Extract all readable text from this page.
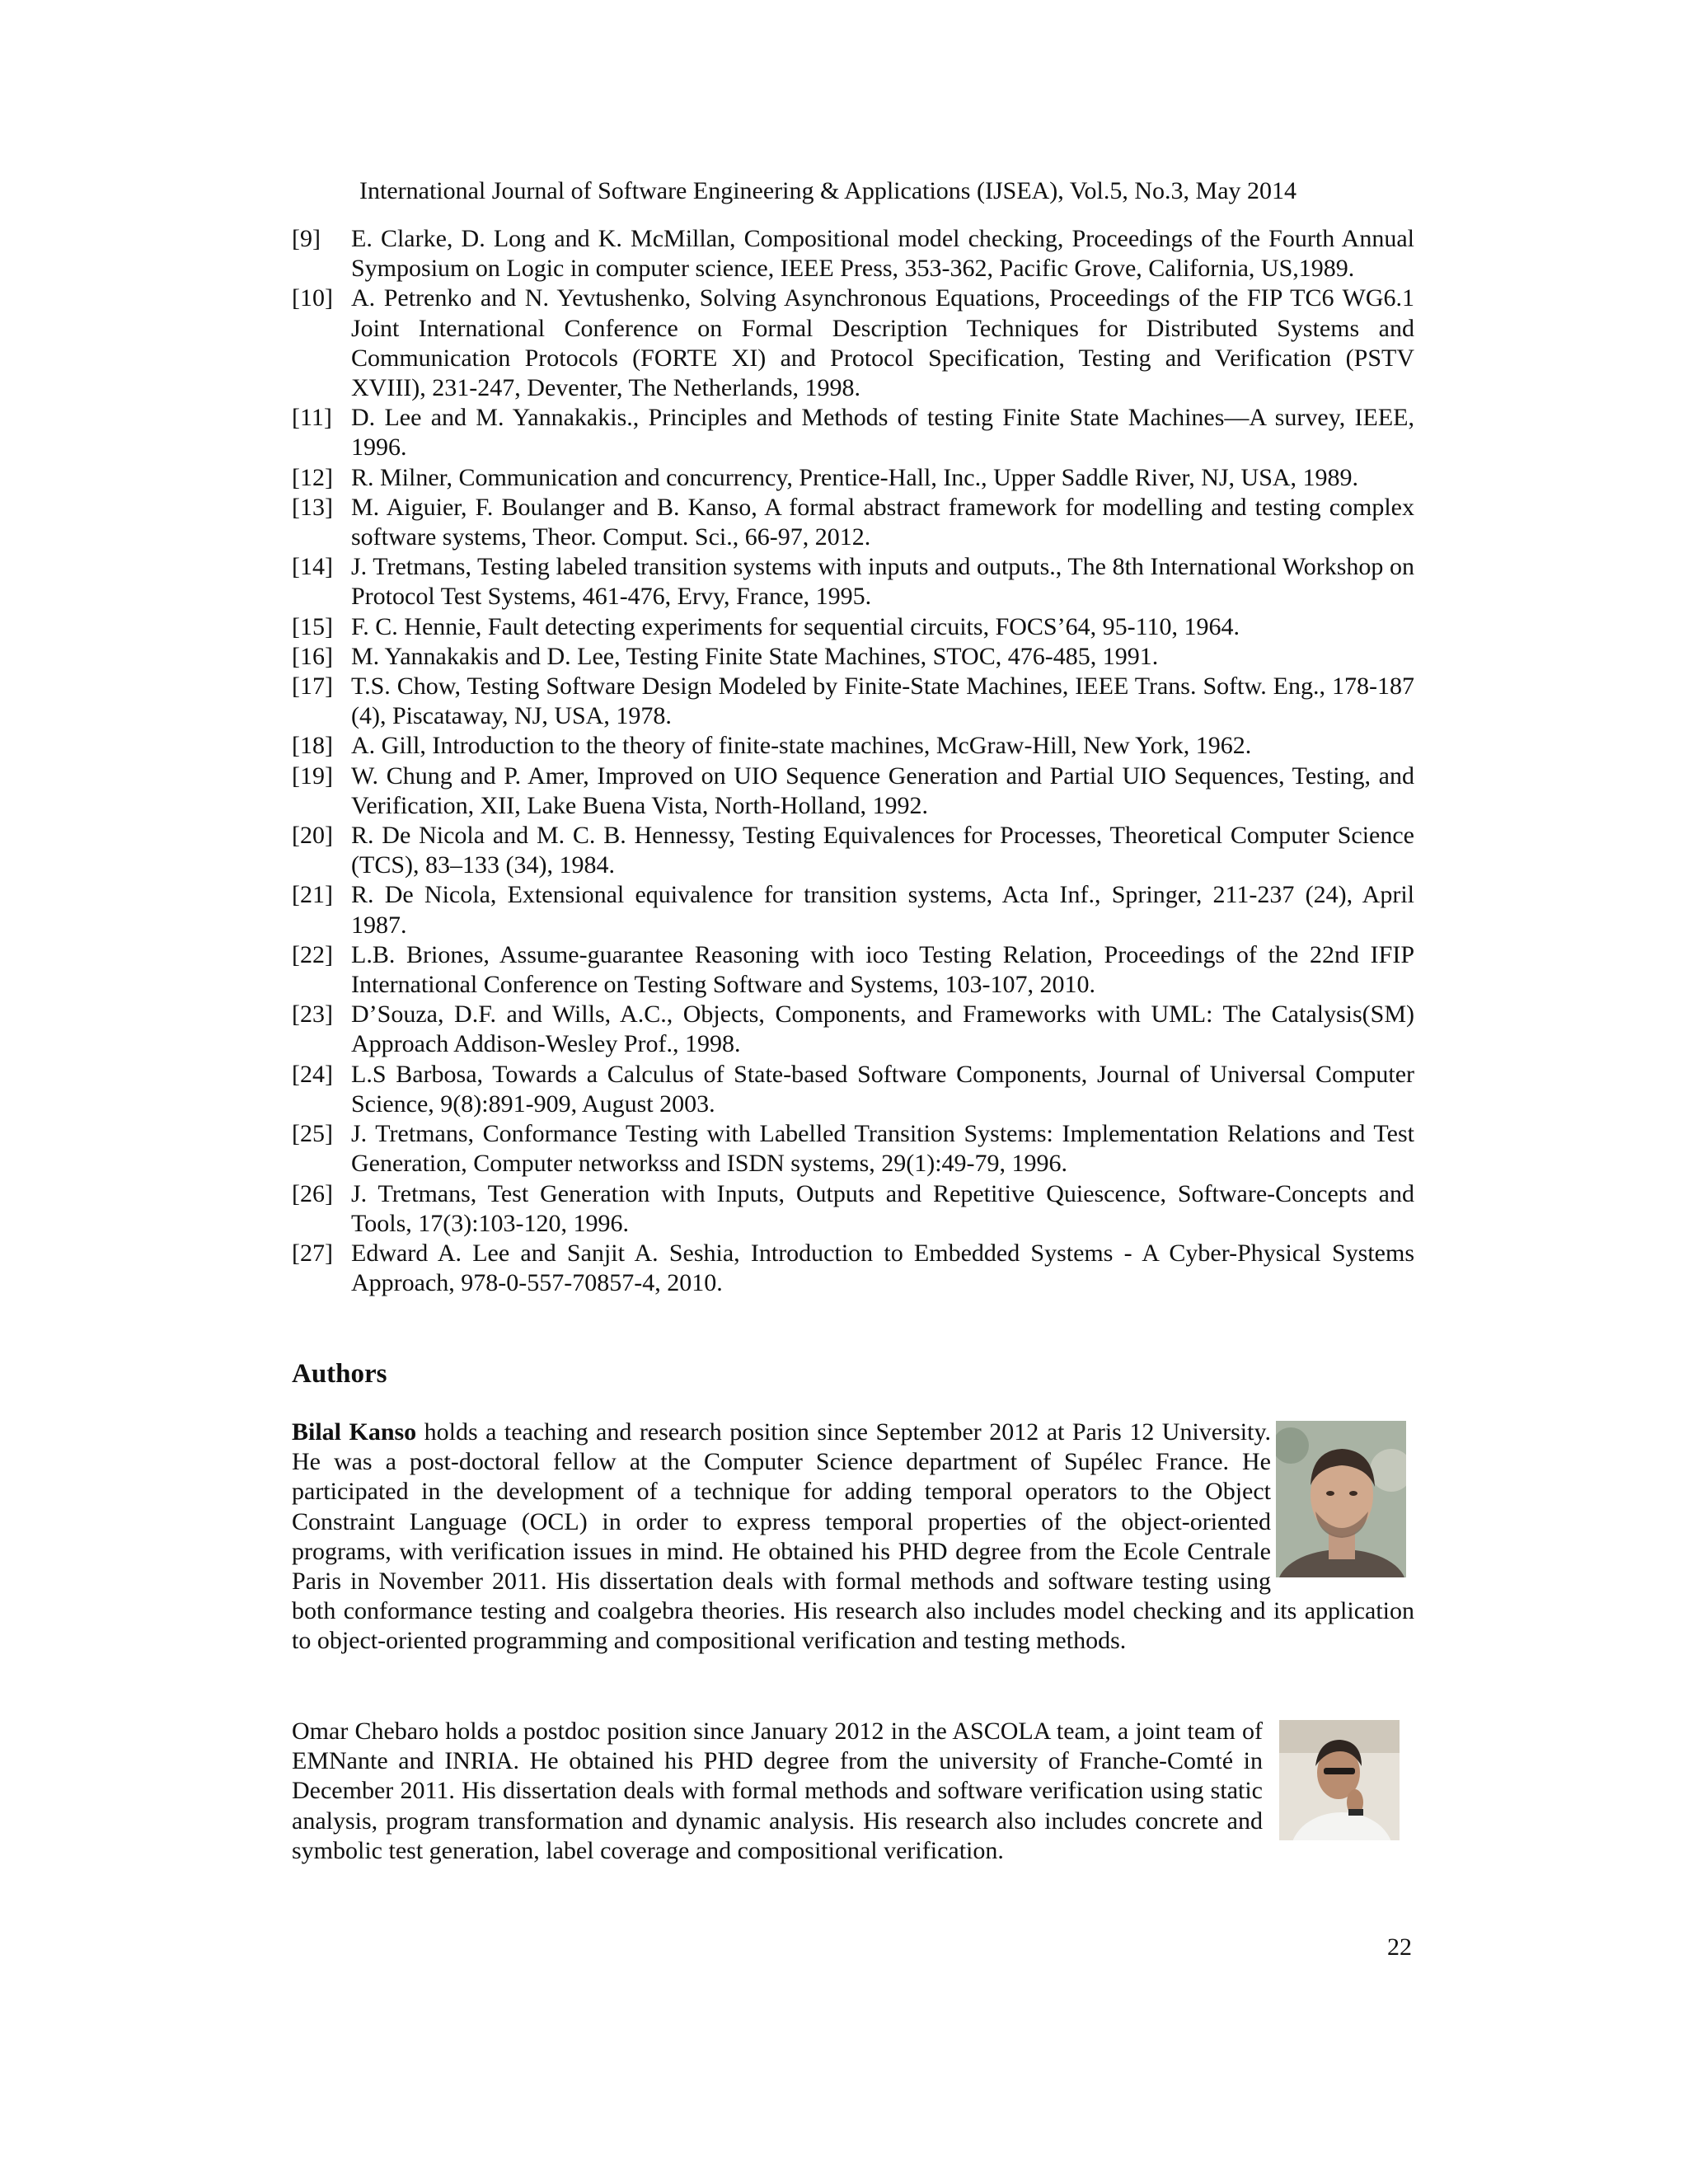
International Journal of Software Engineering & Applications (IJSEA), Vol.5, No.3, May 2014
[9] E. Clarke, D. Long and K. McMillan, Compositional model checking, Proceedings of the Fourth Annual Symposium on Logic in computer science, IEEE Press, 353-362, Pacific Grove, California, US,1989.
[10] A. Petrenko and N. Yevtushenko, Solving Asynchronous Equations, Proceedings of the FIP TC6 WG6.1 Joint International Conference on Formal Description Techniques for Distributed Systems and Communication Protocols (FORTE XI) and Protocol Specification, Testing and Verification (PSTV XVIII), 231-247, Deventer, The Netherlands, 1998.
[11] D. Lee and M. Yannakakis., Principles and Methods of testing Finite State Machines—A survey, IEEE, 1996.
[12] R. Milner, Communication and concurrency, Prentice-Hall, Inc., Upper Saddle River, NJ, USA, 1989.
[13] M. Aiguier, F. Boulanger and B. Kanso, A formal abstract framework for modelling and testing complex software systems, Theor. Comput. Sci., 66-97, 2012.
[14] J. Tretmans, Testing labeled transition systems with inputs and outputs., The 8th International Workshop on Protocol Test Systems, 461-476, Ervy, France, 1995.
[15] F. C. Hennie, Fault detecting experiments for sequential circuits, FOCS’64, 95-110, 1964.
[16] M. Yannakakis and D. Lee, Testing Finite State Machines, STOC, 476-485, 1991.
[17] T.S. Chow, Testing Software Design Modeled by Finite-State Machines, IEEE Trans. Softw. Eng., 178-187 (4), Piscataway, NJ, USA, 1978.
[18] A. Gill, Introduction to the theory of finite-state machines, McGraw-Hill, New York, 1962.
[19] W. Chung and P. Amer, Improved on UIO Sequence Generation and Partial UIO Sequences, Testing, and Verification, XII, Lake Buena Vista, North-Holland, 1992.
[20] R. De Nicola and M. C. B. Hennessy, Testing Equivalences for Processes, Theoretical Computer Science (TCS), 83–133 (34), 1984.
[21] R. De Nicola, Extensional equivalence for transition systems, Acta Inf., Springer, 211-237 (24), April 1987.
[22] L.B. Briones, Assume-guarantee Reasoning with ioco Testing Relation, Proceedings of the 22nd IFIP International Conference on Testing Software and Systems, 103-107, 2010.
[23] D’Souza, D.F. and Wills, A.C., Objects, Components, and Frameworks with UML: The Catalysis(SM) Approach Addison-Wesley Prof., 1998.
[24] L.S Barbosa, Towards a Calculus of State-based Software Components, Journal of Universal Computer Science, 9(8):891-909, August 2003.
[25] J. Tretmans, Conformance Testing with Labelled Transition Systems: Implementation Relations and Test Generation, Computer networkss and ISDN systems, 29(1):49-79, 1996.
[26] J. Tretmans, Test Generation with Inputs, Outputs and Repetitive Quiescence, Software-Concepts and Tools, 17(3):103-120, 1996.
[27] Edward A. Lee and Sanjit A. Seshia, Introduction to Embedded Systems - A Cyber-Physical Systems Approach, 978-0-557-70857-4, 2010.
Authors

Bilal Kanso holds a teaching and research position since September 2012 at Paris 12 University. He was a post-doctoral fellow at the Computer Science department of Supélec France. He participated in the development of a technique for adding temporal operators to the Object Constraint Language (OCL) in order to express temporal properties of the object-oriented programs, with verification issues in mind. He obtained his PHD degree from the Ecole Centrale Paris in November 2011. His dissertation deals with formal methods and software testing using both conformance testing and coalgebra theories. His research also includes model checking and its application to object-oriented programming and compositional verification and testing methods.

Omar Chebaro holds a postdoc position since January 2012 in the ASCOLA team, a joint team of EMNante and INRIA. He obtained his PHD degree from the university of Franche-Comté in December 2011. His dissertation deals with formal methods and software verification using static analysis, program transformation and dynamic analysis. His research also includes concrete and symbolic test generation, label coverage and compositional verification.

22
